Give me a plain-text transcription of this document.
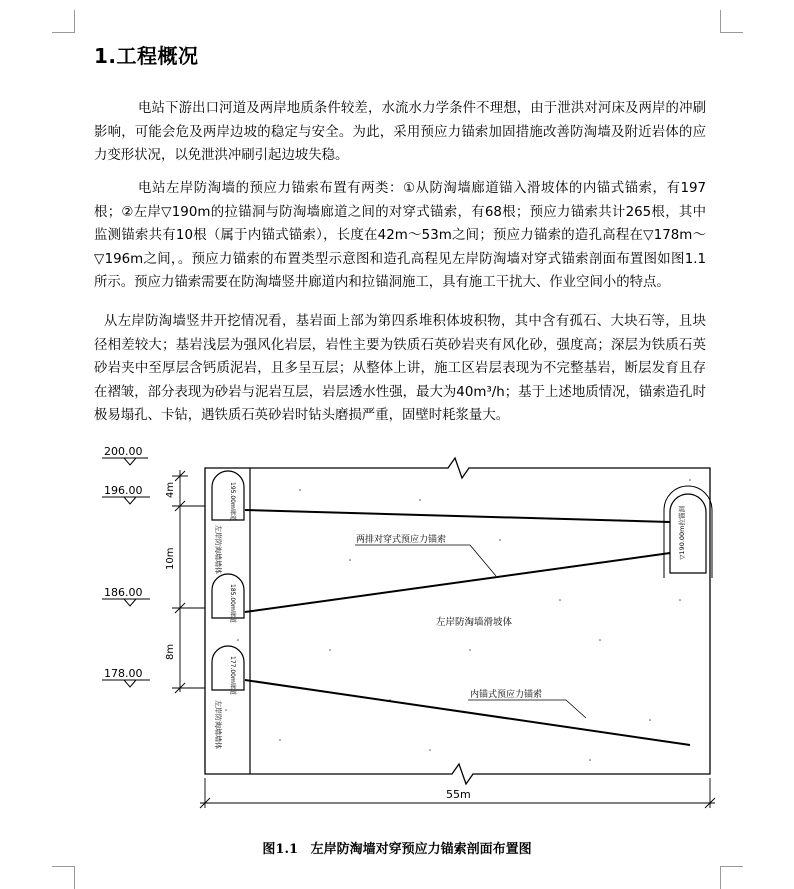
1.工程概况

电站下游出口河道及两岸地质条件较差，水流水力学条件不理想，由于泄洪对河床及两岸的冲刷影响，可能会危及两岸边坡的稳定与安全。为此，采用预应力锚索加固措施改善防淘墙及附近岩体的应力变形状况，以免泄洪冲刷引起边坡失稳。

电站左岸防淘墙的预应力锚索布置有两类：①从防淘墙廊道锚入滑坡体的内锚式锚索，有197根；②左岸▽190m的拉锚洞与防淘墙廊道之间的对穿式锚索，有68根；预应力锚索共计265根，其中监测锚索共有10根（属于内锚式锚索），长度在42m～53m之间；预应力锚索的造孔高程在▽178m～▽196m之间，。预应力锚索的布置类型示意图和造孔高程见左岸防淘墙对穿式锚索剖面布置图如图1.1所示。预应力锚索需要在防淘墙竖井廊道内和拉锚洞施工，具有施工干扰大、作业空间小的特点。

从左岸防淘墙竖井开挖情况看，基岩面上部为第四系堆积体坡积物，其中含有孤石、大块石等，且块径相差较大；基岩浅层为强风化岩层，岩性主要为铁质石英砂岩夹有风化砂，强度高；深层为铁质石英砂岩夹中至厚层含钙质泥岩，且多呈互层；从整体上讲，施工区岩层表现为不完整基岩，断层发育且存在褶皱，部分表现为砂岩与泥岩互层，岩层透水性强，最大为40m³/h；基于上述地质情况，锚索造孔时极易塌孔、卡钻，遇铁质石英砂岩时钻头磨损严重，固壁时耗浆量大。

两排对穿式预应力锚索
左岸防淘墙滑坡体
内锚式预应力锚索
左岸防淘墙墙体
左岸防淘墙墙体
195.00m廊道
185.00m廊道
177.00m廊道
▽190.00m拉锚洞
200.00
196.00
186.00
178.00
4m
10m
8m
55m
图1.1 左岸防淘墙对穿预应力锚索剖面布置图
